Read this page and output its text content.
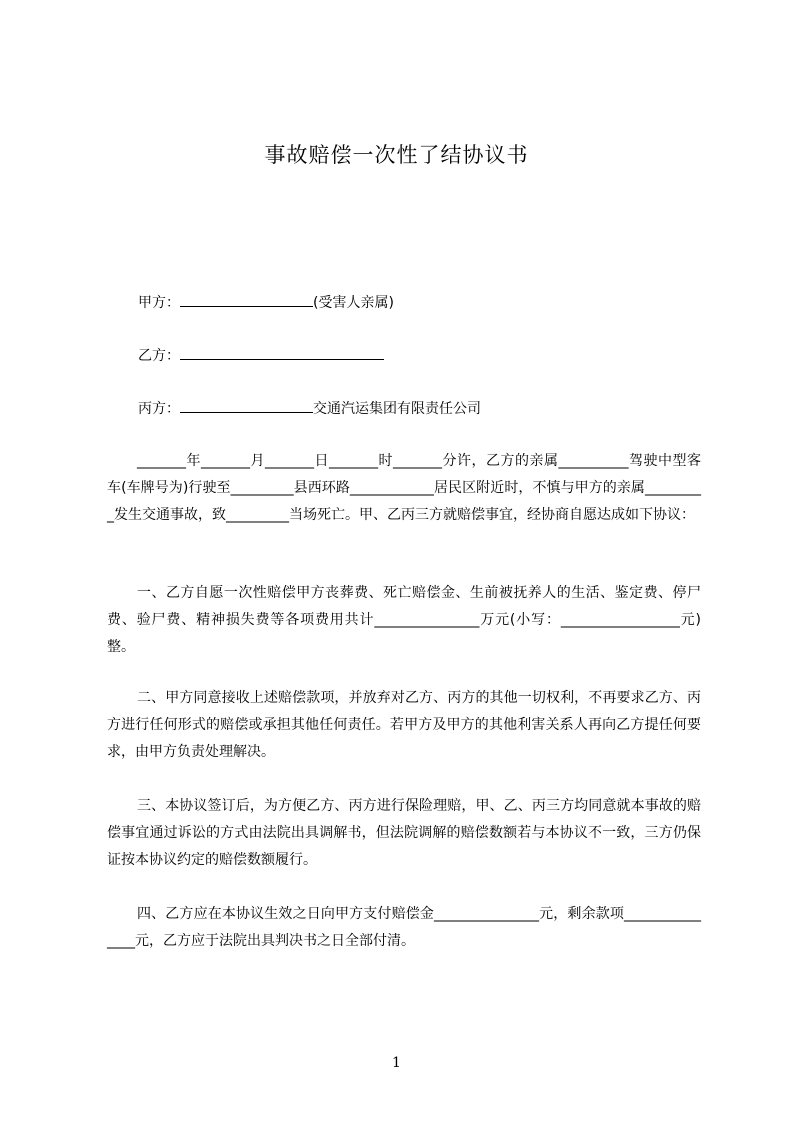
事故赔偿一次性了结协议书
甲方：	(受害人亲属)
乙方：
丙方：	交通汽运集团有限责任公司
_______年_______月_______日_______时_______分许，乙方的亲属__________驾驶中型客车(车牌号为)行驶至_________县西环路____________居民区附近时，不慎与甲方的亲属_________发生交通事故，致_________当场死亡。甲、乙丙三方就赔偿事宜，经协商自愿达成如下协议：
一、乙方自愿一次性赔偿甲方丧葬费、死亡赔偿金、生前被抚养人的生活、鉴定费、停尸费、验尸费、精神损失费等各项费用共计_______________万元(小写：_________________元)整。
二、甲方同意接收上述赔偿款项，并放弃对乙方、丙方的其他一切权利，不再要求乙方、丙方进行任何形式的赔偿或承担其他任何责任。若甲方及甲方的其他利害关系人再向乙方提任何要求，由甲方负责处理解决。
三、本协议签订后，为方便乙方、丙方进行保险理赔，甲、乙、丙三方均同意就本事故的赔偿事宜通过诉讼的方式由法院出具调解书，但法院调解的赔偿数额若与本协议不一致，三方仍保证按本协议约定的赔偿数额履行。
四、乙方应在本协议生效之日向甲方支付赔偿金_______________元，剩余款项_______________元，乙方应于法院出具判决书之日全部付清。
1
